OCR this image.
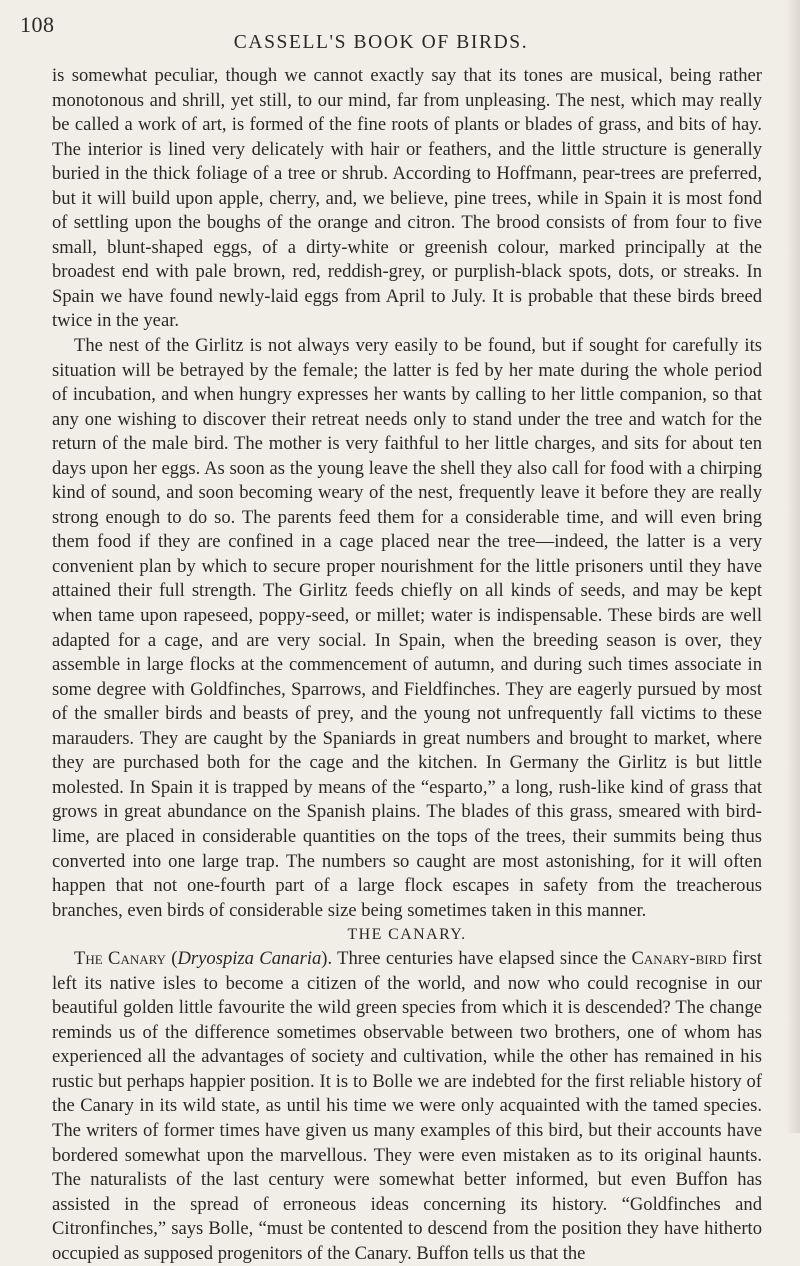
108
CASSELL'S BOOK OF BIRDS.

is somewhat peculiar, though we cannot exactly say that its tones are musical, being rather monotonous and shrill, yet still, to our mind, far from unpleasing. The nest, which may really be called a work of art, is formed of the fine roots of plants or blades of grass, and bits of hay. The interior is lined very delicately with hair or feathers, and the little structure is generally buried in the thick foliage of a tree or shrub. According to Hoffmann, pear-trees are preferred, but it will build upon apple, cherry, and, we believe, pine trees, while in Spain it is most fond of settling upon the boughs of the orange and citron. The brood consists of from four to five small, blunt-shaped eggs, of a dirty-white or greenish colour, marked principally at the broadest end with pale brown, red, reddish-grey, or purplish-black spots, dots, or streaks. In Spain we have found newly-laid eggs from April to July. It is probable that these birds breed twice in the year.

The nest of the Girlitz is not always very easily to be found, but if sought for carefully its situation will be betrayed by the female; the latter is fed by her mate during the whole period of incubation, and when hungry expresses her wants by calling to her little companion, so that any one wishing to discover their retreat needs only to stand under the tree and watch for the return of the male bird. The mother is very faithful to her little charges, and sits for about ten days upon her eggs. As soon as the young leave the shell they also call for food with a chirping kind of sound, and soon becoming weary of the nest, frequently leave it before they are really strong enough to do so. The parents feed them for a considerable time, and will even bring them food if they are confined in a cage placed near the tree—indeed, the latter is a very convenient plan by which to secure proper nourishment for the little prisoners until they have attained their full strength. The Girlitz feeds chiefly on all kinds of seeds, and may be kept when tame upon rapeseed, poppy-seed, or millet; water is indispensable. These birds are well adapted for a cage, and are very social. In Spain, when the breeding season is over, they assemble in large flocks at the commencement of autumn, and during such times associate in some degree with Goldfinches, Sparrows, and Fieldfinches. They are eagerly pursued by most of the smaller birds and beasts of prey, and the young not unfrequently fall victims to these marauders. They are caught by the Spaniards in great numbers and brought to market, where they are purchased both for the cage and the kitchen. In Germany the Girlitz is but little molested. In Spain it is trapped by means of the “esparto,” a long, rush-like kind of grass that grows in great abundance on the Spanish plains. The blades of this grass, smeared with bird-lime, are placed in considerable quantities on the tops of the trees, their summits being thus converted into one large trap. The numbers so caught are most astonishing, for it will often happen that not one-fourth part of a large flock escapes in safety from the treacherous branches, even birds of considerable size being sometimes taken in this manner.

THE CANARY.

The Canary (Dryospiza Canaria). Three centuries have elapsed since the Canary-bird first left its native isles to become a citizen of the world, and now who could recognise in our beautiful golden little favourite the wild green species from which it is descended? The change reminds us of the difference sometimes observable between two brothers, one of whom has experienced all the advantages of society and cultivation, while the other has remained in his rustic but perhaps happier position. It is to Bolle we are indebted for the first reliable history of the Canary in its wild state, as until his time we were only acquainted with the tamed species. The writers of former times have given us many examples of this bird, but their accounts have bordered somewhat upon the marvellous. They were even mistaken as to its original haunts. The naturalists of the last century were somewhat better informed, but even Buffon has assisted in the spread of erroneous ideas concerning its history. “Goldfinches and Citronfinches,” says Bolle, “must be contented to descend from the position they have hitherto occupied as supposed progenitors of the Canary. Buffon tells us that the
